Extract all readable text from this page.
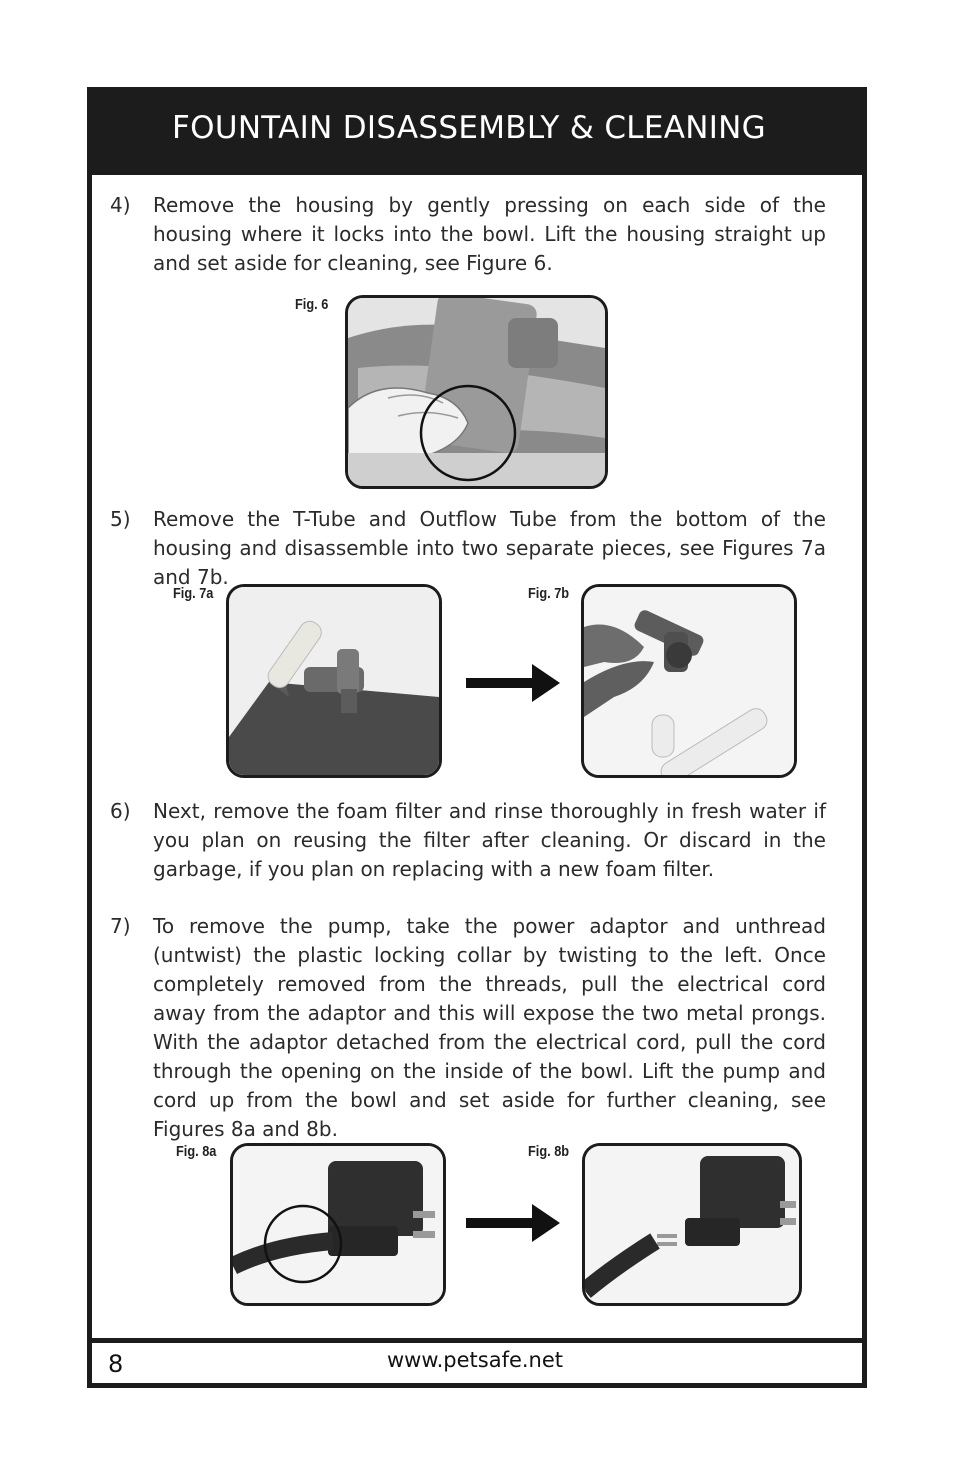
FOUNTAIN DISASSEMBLY & CLEANING
4) Remove the housing by gently pressing on each side of the housing where it locks into the bowl. Lift the housing straight up and set aside for cleaning, see Figure 6.
Fig. 6
5) Remove the T-Tube and Outflow Tube from the bottom of the housing and disassemble into two separate pieces, see Figures 7a and 7b.
Fig. 7a	Fig. 7b
6) Next, remove the foam filter and rinse thoroughly in fresh water if you plan on reusing the filter after cleaning. Or discard in the garbage, if you plan on replacing with a new foam filter.
7) To remove the pump, take the power adaptor and unthread (untwist) the plastic locking collar by twisting to the left. Once completely removed from the threads, pull the electrical cord away from the adaptor and this will expose the two metal prongs. With the adaptor detached from the electrical cord, pull the cord through the opening on the inside of the bowl. Lift the pump and cord up from the bowl and set aside for further cleaning, see Figures 8a and 8b.
Fig. 8a	Fig. 8b
8	www.petsafe.net
